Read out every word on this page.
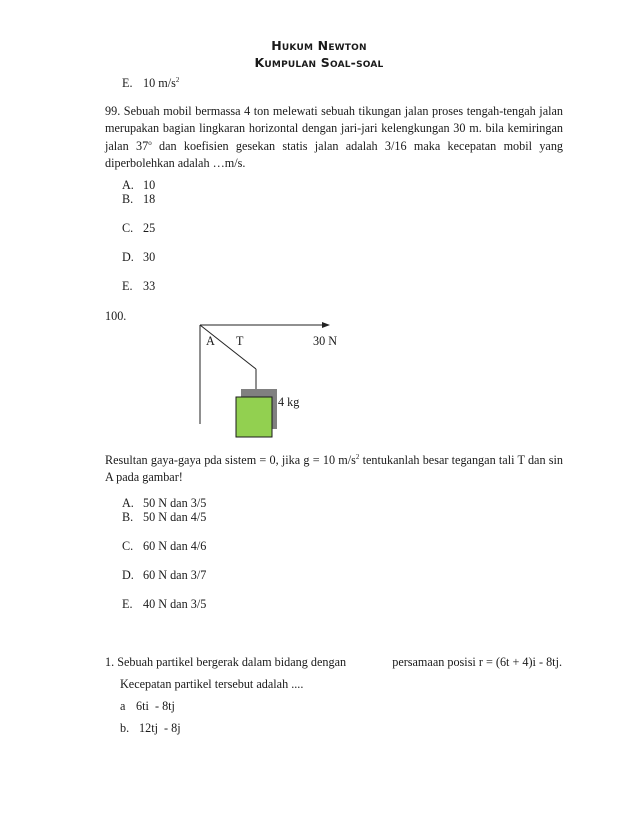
Hukum Newton
Kumpulan Soal-soal
E. 10 $m/s^2$
99. Sebuah mobil bermassa 4 ton melewati sebuah tikungan jalan proses tengah-tengah jalan merupakan bagian lingkaran horizontal dengan jari-jari kelengkungan 30 m. bila kemiringan jalan 37$^o$ dan koefisien gesekan statis jalan adalah 3/16 maka kecepatan mobil yang diperbolehkan adalah …m/s.
A. 10
B. 18
C. 25
D. 30
E. 33
100.
A T	30 N
4 kg
Resultan gaya-gaya pda sistem = 0, jika g = 10 $m/s^2$ tentukanlah besar tegangan tali T dan sin A pada gambar!
A. 50 N dan 3/5
B. 50 N dan 4/5
C. 60 N dan 4/6
D. 60 N dan 3/7
E. 40 N dan 3/5
1. Sebuah partikel bergerak dalam bidang dengan	persamaan posisi r = (6t + 4)i - 8tj.
Kecepatan partikel tersebut adalah ....
a 6ti  - 8tj
b. 12tj  - 8j
